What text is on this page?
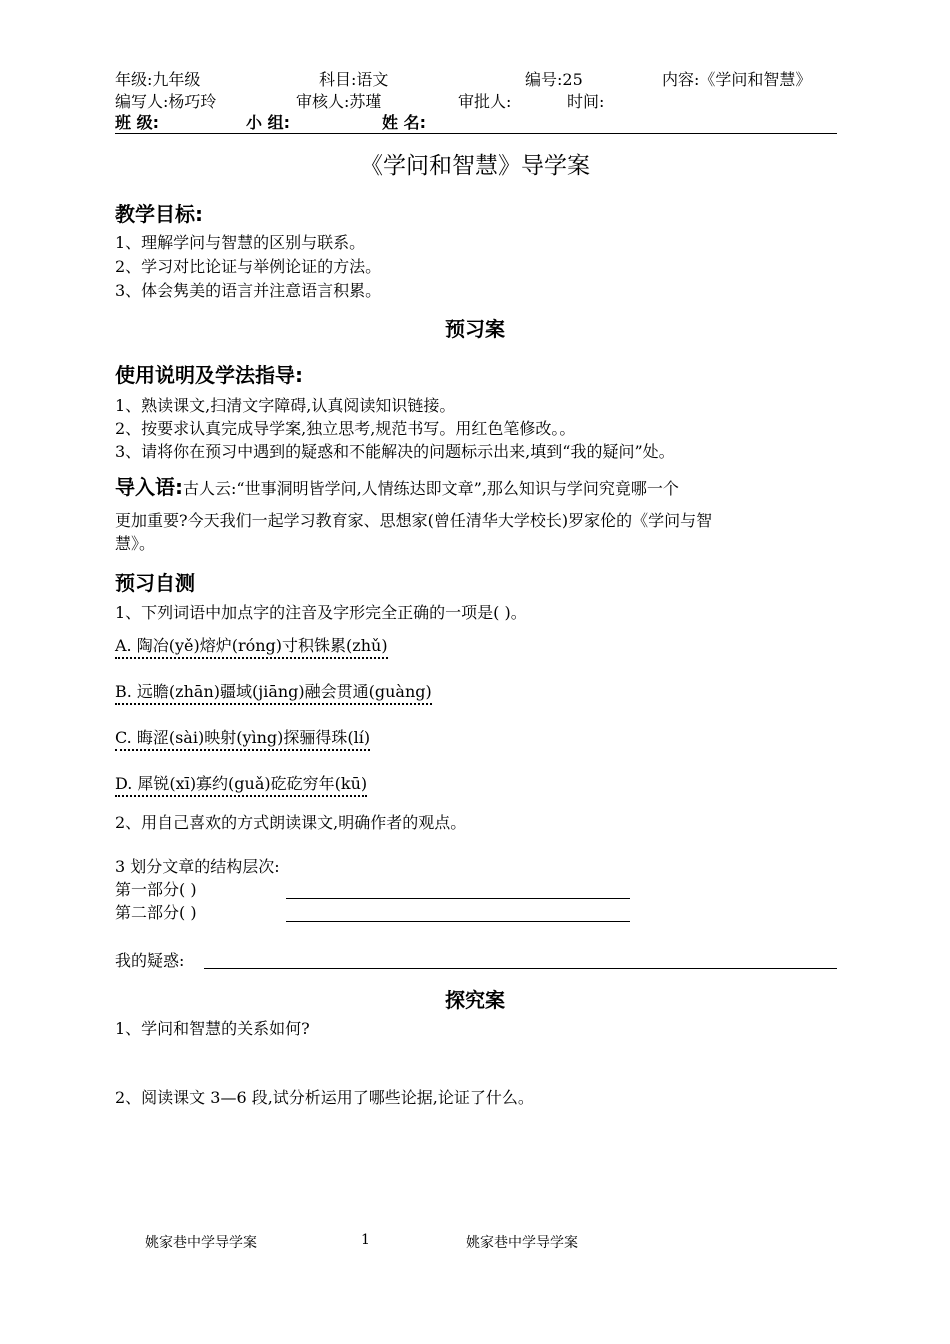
年级:九年级	科目:语文	编号:25	内容:《学问和智慧》
编写人:杨巧玲	审核人:苏瑾	审批人:	时间:
班 级:	小 组:	姓 名:
《学问和智慧》导学案
教学目标:
1、理解学问与智慧的区别与联系。
2、学习对比论证与举例论证的方法。
3、体会隽美的语言并注意语言积累。
预习案
使用说明及学法指导:
1、熟读课文,扫清文字障碍,认真阅读知识链接。
2、按要求认真完成导学案,独立思考,规范书写。用红色笔修改。。
3、请将你在预习中遇到的疑惑和不能解决的问题标示出来,填到“我的疑问”处。
导入语:古人云:“世事洞明皆学问,人情练达即文章”,那么知识与学问究竟哪一个
更加重要?今天我们一起学习教育家、思想家(曾任清华大学校长)罗家伦的《学问与智
慧》。
预习自测
1、下列词语中加点字的注音及字形完全正确的一项是( )。
A. 陶冶(yě)熔炉(róng)寸积铢累(zhǔ)
B. 远瞻(zhān)疆域(jiāng)融会贯通(guàng)
C. 晦涩(sài)映射(yìng)探骊得珠(lí)
D. 犀锐(xī)寡约(guǎ)矻矻穷年(kū)
2、用自己喜欢的方式朗读课文,明确作者的观点。
3 划分文章的结构层次:
第一部分( )
第二部分( )
我的疑惑:
探究案
1、学问和智慧的关系如何?
2、阅读课文 3—6 段,试分析运用了哪些论据,论证了什么。
姚家巷中学导学案	1	姚家巷中学导学案
